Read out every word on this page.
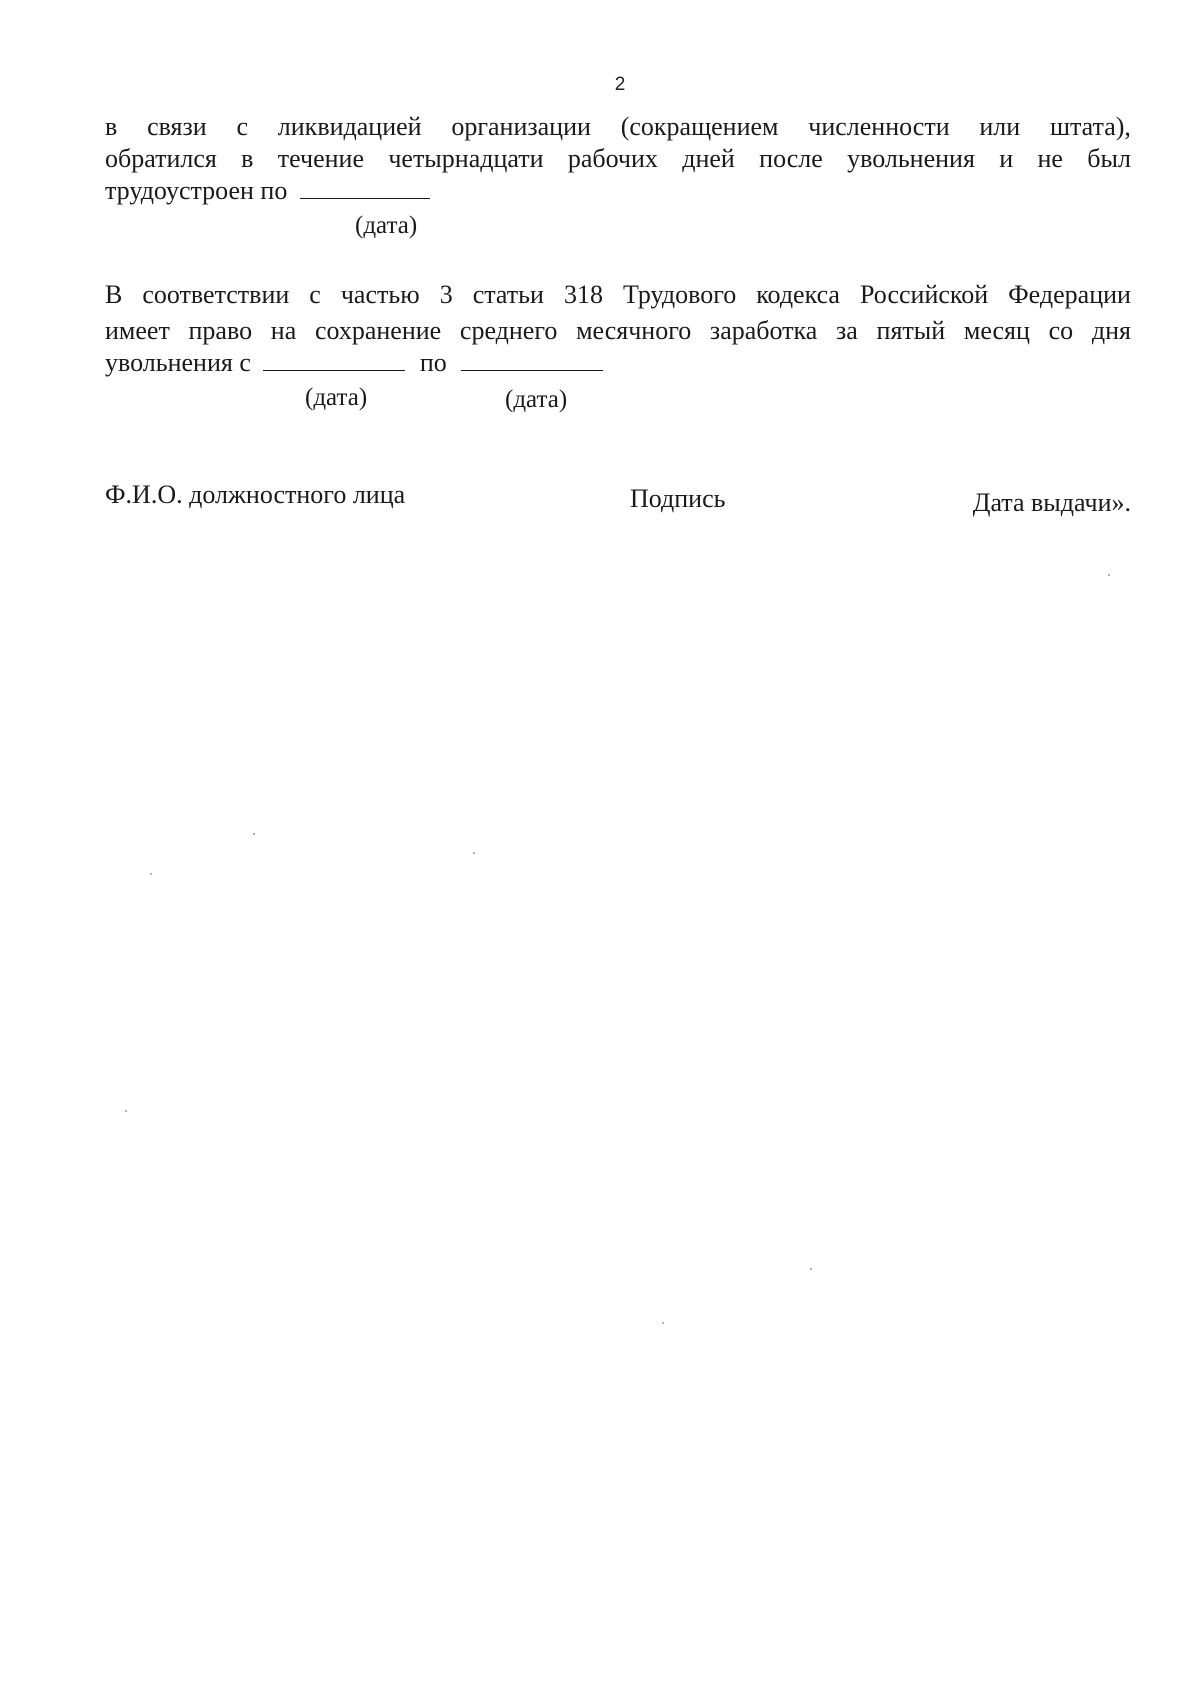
2
в связи с ликвидацией организации (сокращением численности или штата),
обратился в течение четырнадцати рабочих дней после увольнения и не был
трудоустроен по
(дата)
В соответствии с частью 3 статьи 318 Трудового кодекса Российской Федерации
имеет право на сохранение среднего месячного заработка за пятый месяц со дня
увольнения с	по
(дата)	(дата)
Ф.И.О. должностного лица	Подпись	Дата выдачи».
